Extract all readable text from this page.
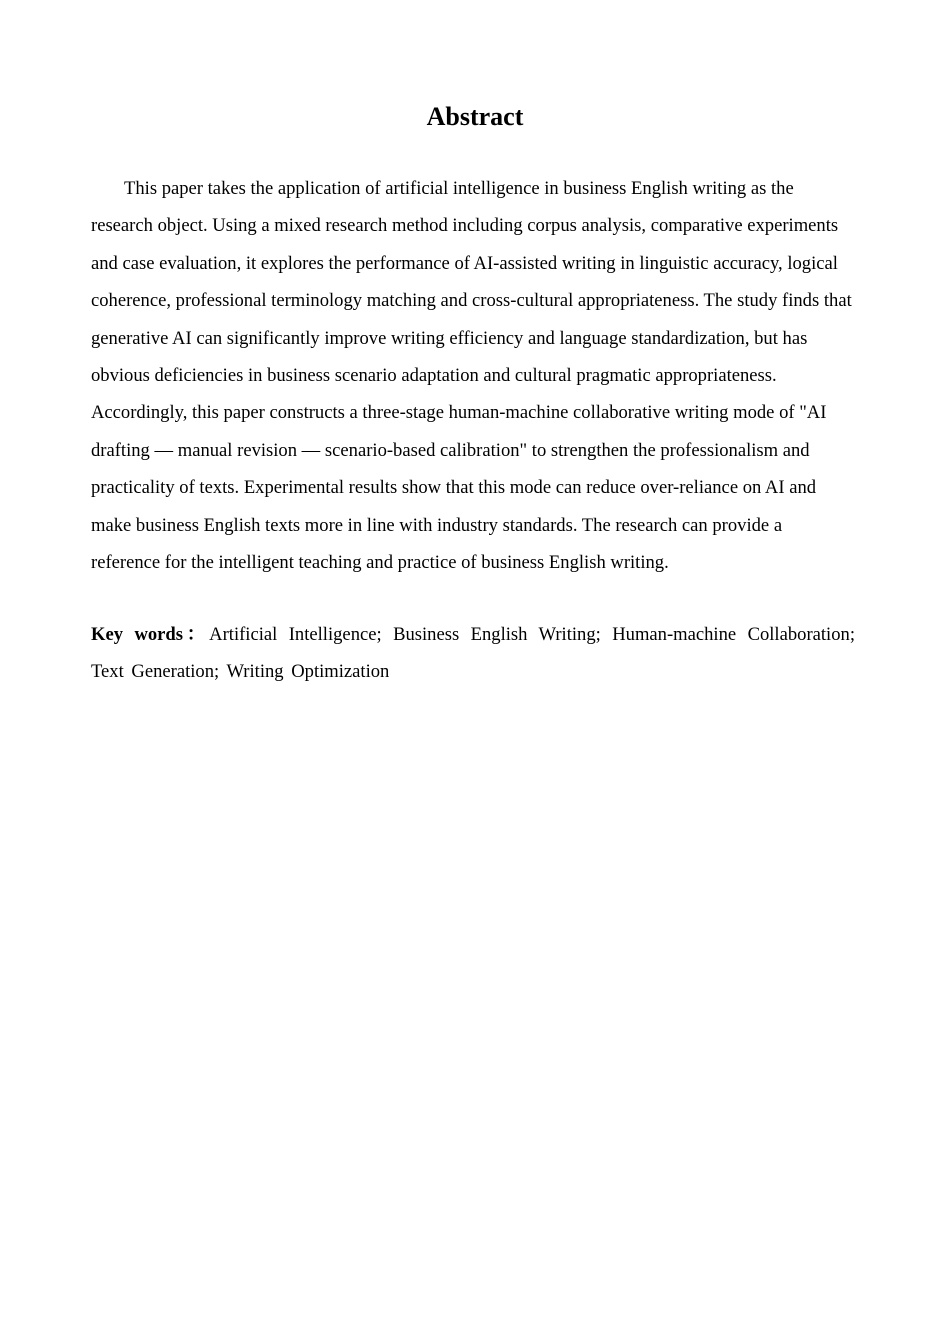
Abstract

This paper takes the application of artificial intelligence in business English writing as the research object. Using a mixed research method including corpus analysis, comparative experiments and case evaluation, it explores the performance of AI-assisted writing in linguistic accuracy, logical coherence, professional terminology matching and cross-cultural appropriateness. The study finds that generative AI can significantly improve writing efficiency and language standardization, but has obvious deficiencies in business scenario adaptation and cultural pragmatic appropriateness. Accordingly, this paper constructs a three-stage human-machine collaborative writing mode of "AI drafting — manual revision — scenario-based calibration" to strengthen the professionalism and practicality of texts. Experimental results show that this mode can reduce over-reliance on AI and make business English texts more in line with industry standards. The research can provide a reference for the intelligent teaching and practice of business English writing.

Key words：Artificial Intelligence; Business English Writing; Human-machine Collaboration; Text Generation; Writing Optimization
